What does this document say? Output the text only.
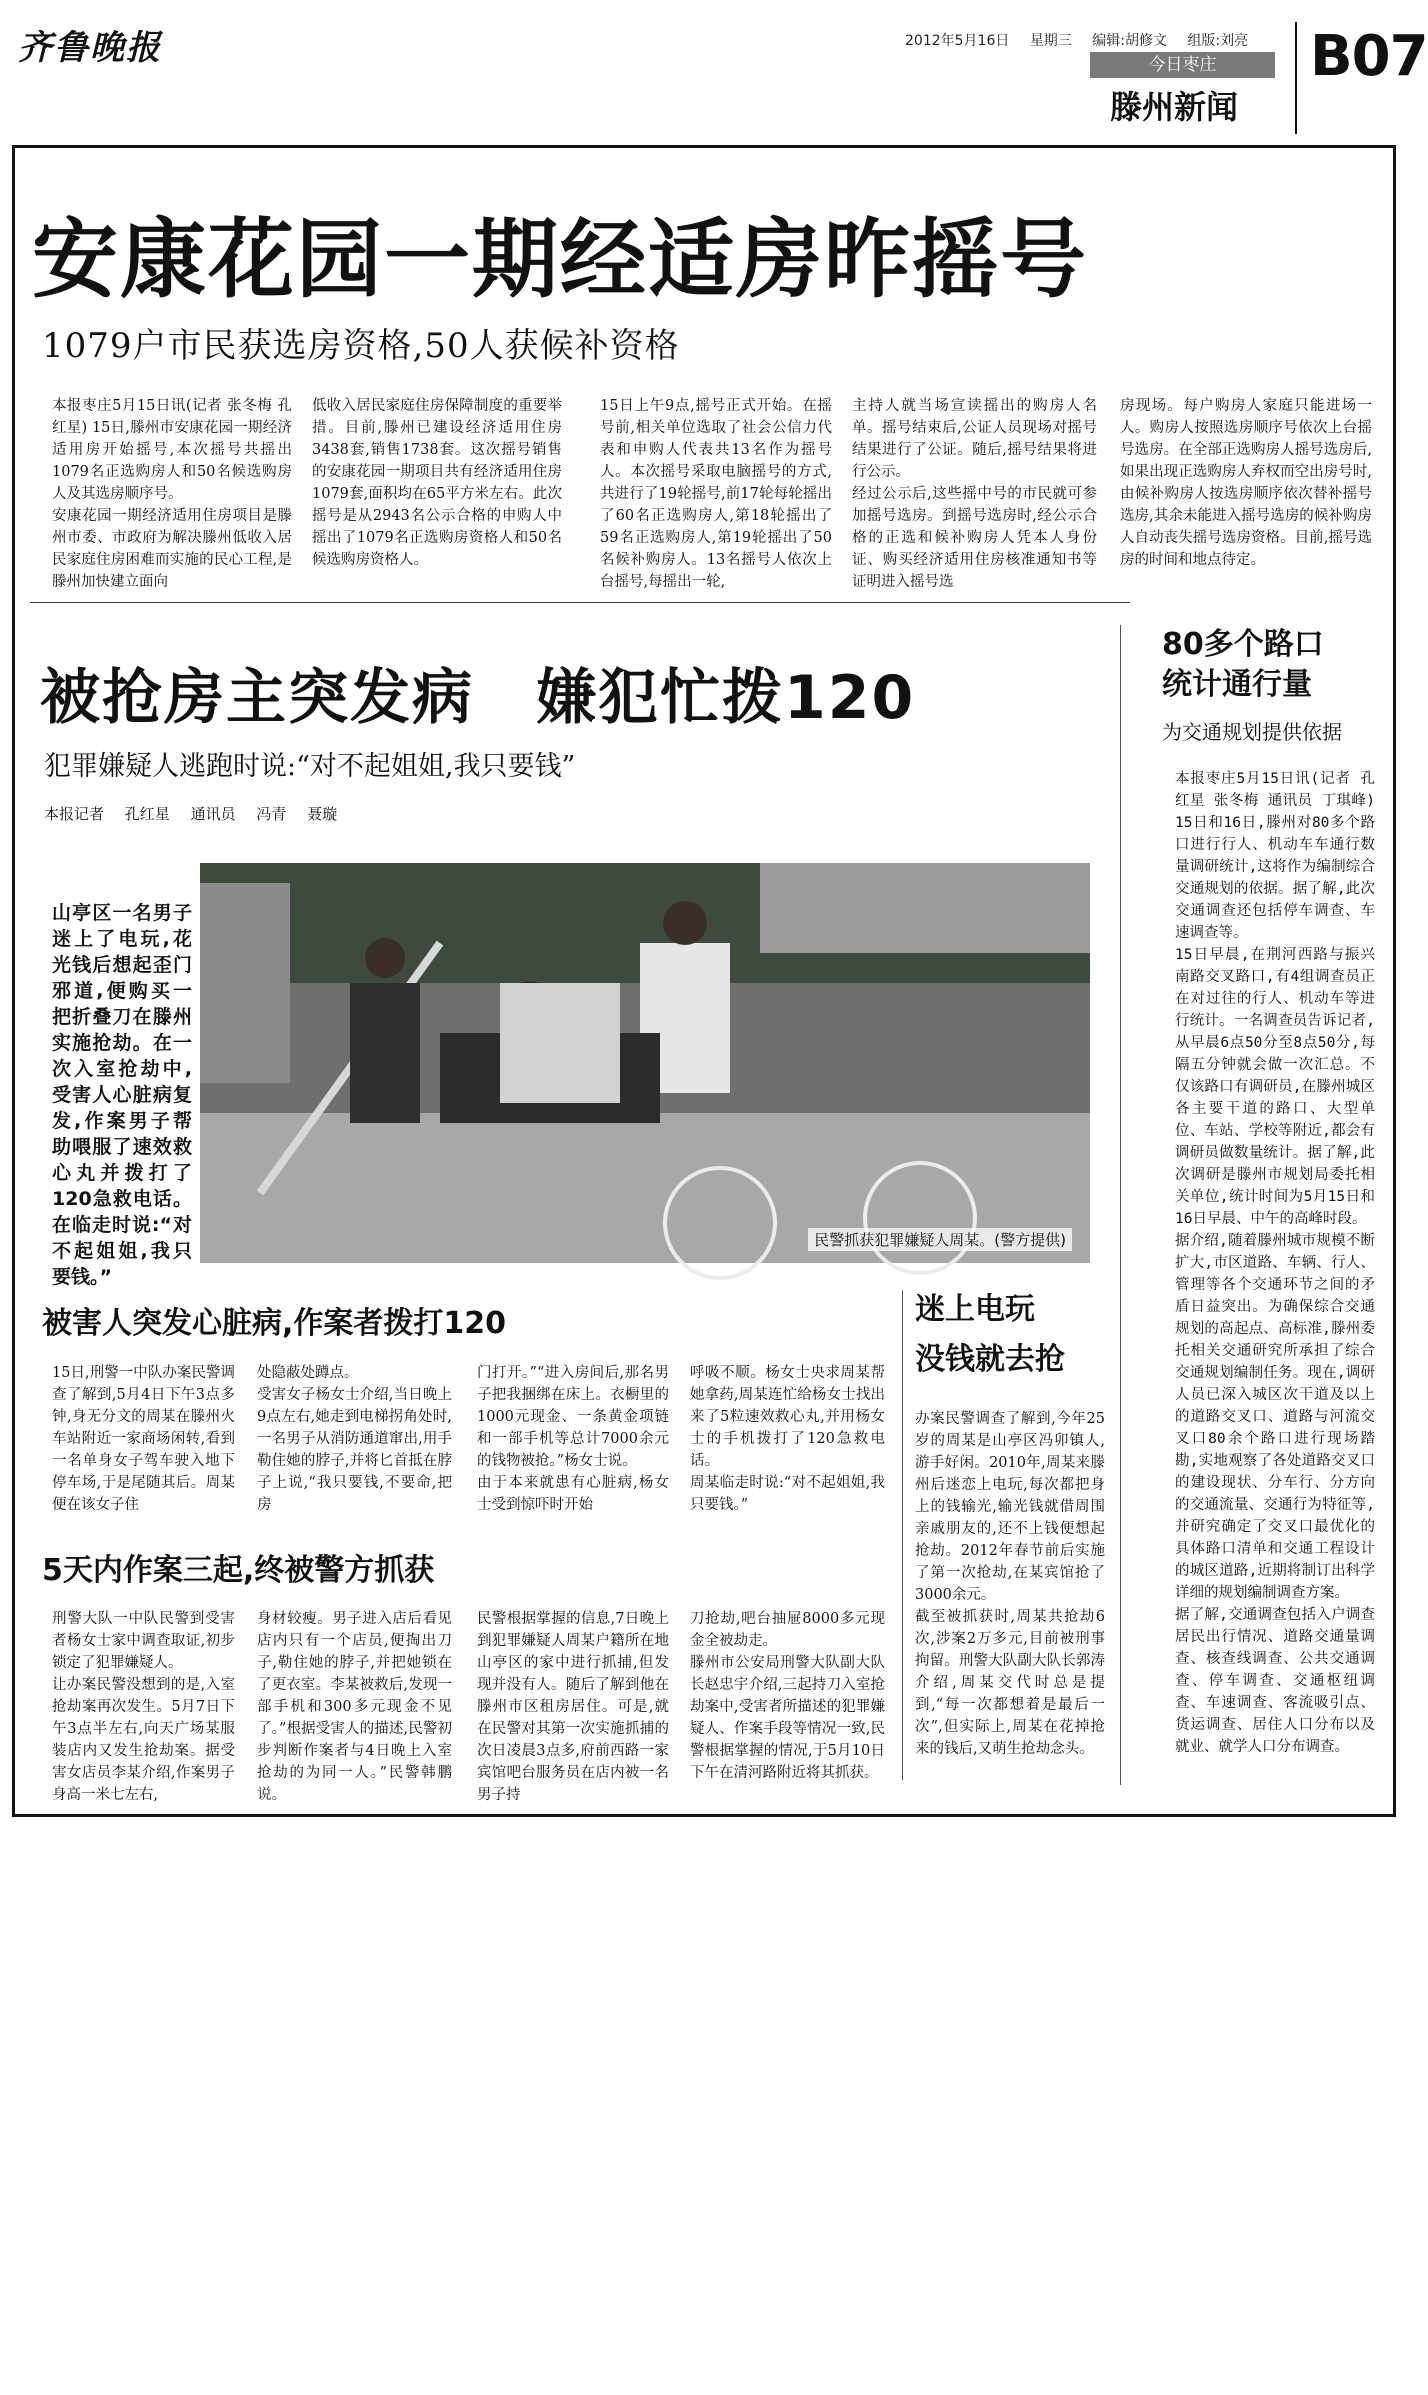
齐鲁晚报	2012年5月16日 星期三 编辑:胡修文 组版:刘亮
今日枣庄
滕州新闻
B07
安康花园一期经适房昨摇号
1079户市民获选房资格,50人获候补资格

本报枣庄5月15日讯(记者 张冬梅 孔红星) 15日,滕州市安康花园一期经济适用房开始摇号,本次摇号共摇出1079名正选购房人和50名候选购房人及其选房顺序号。
安康花园一期经济适用住房项目是滕州市委、市政府为解决滕州低收入居民家庭住房困难而实施的民心工程,是滕州加快建立面向

低收入居民家庭住房保障制度的重要举措。目前,滕州已建设经济适用住房3438套,销售1738套。这次摇号销售的安康花园一期项目共有经济适用住房1079套,面积均在65平方米左右。此次摇号是从2943名公示合格的申购人中摇出了1079名正选购房资格人和50名候选购房资格人。

15日上午9点,摇号正式开始。在摇号前,相关单位选取了社会公信力代表和申购人代表共13名作为摇号人。本次摇号采取电脑摇号的方式,共进行了19轮摇号,前17轮每轮摇出了60名正选购房人,第18轮摇出了59名正选购房人,第19轮摇出了50名候补购房人。13名摇号人依次上台摇号,每摇出一轮,

主持人就当场宣读摇出的购房人名单。摇号结束后,公证人员现场对摇号结果进行了公证。随后,摇号结果将进行公示。
经过公示后,这些摇中号的市民就可参加摇号选房。到摇号选房时,经公示合格的正选和候补购房人凭本人身份证、购买经济适用住房核准通知书等证明进入摇号选

房现场。每户购房人家庭只能进场一人。购房人按照选房顺序号依次上台摇号选房。在全部正选购房人摇号选房后,如果出现正选购房人弃权而空出房号时,由候补购房人按选房顺序依次替补摇号选房,其余未能进入摇号选房的候补购房人自动丧失摇号选房资格。目前,摇号选房的时间和地点待定。

被抢房主突发病　嫌犯忙拨120
犯罪嫌疑人逃跑时说:“对不起姐姐,我只要钱”
本报记者 孔红星 通讯员 冯青 聂璇
山亭区一名男子迷上了电玩,花光钱后想起歪门邪道,便购买一把折叠刀在滕州实施抢劫。在一次入室抢劫中,受害人心脏病复发,作案男子帮助喂服了速效救心丸并拨打了120急救电话。在临走时说:“对不起姐姐,我只要钱。”
民警抓获犯罪嫌疑人周某。(警方提供)
被害人突发心脏病,作案者拨打120

15日,刑警一中队办案民警调查了解到,5月4日下午3点多钟,身无分文的周某在滕州火车站附近一家商场闲转,看到一名单身女子驾车驶入地下停车场,于是尾随其后。周某便在该女子住

处隐蔽处蹲点。
受害女子杨女士介绍,当日晚上9点左右,她走到电梯拐角处时,一名男子从消防通道窜出,用手勒住她的脖子,并将匕首抵在脖子上说,“我只要钱,不要命,把房

门打开。”“进入房间后,那名男子把我捆绑在床上。衣橱里的1000元现金、一条黄金项链和一部手机等总计7000余元的钱物被抢。”杨女士说。
由于本来就患有心脏病,杨女士受到惊吓时开始

呼吸不顺。杨女士央求周某帮她拿药,周某连忙给杨女士找出来了5粒速效救心丸,并用杨女士的手机拨打了120急救电话。
周某临走时说:“对不起姐姐,我只要钱。”

5天内作案三起,终被警方抓获

刑警大队一中队民警到受害者杨女士家中调查取证,初步锁定了犯罪嫌疑人。
让办案民警没想到的是,入室抢劫案再次发生。5月7日下午3点半左右,向天广场某服装店内又发生抢劫案。据受害女店员李某介绍,作案男子身高一米七左右,

身材较瘦。男子进入店后看见店内只有一个店员,便掏出刀子,勒住她的脖子,并把她锁在了更衣室。李某被救后,发现一部手机和300多元现金不见了。”根据受害人的描述,民警初步判断作案者与4日晚上入室抢劫的为同一人。”民警韩鹏说。

民警根据掌握的信息,7日晚上到犯罪嫌疑人周某户籍所在地山亭区的家中进行抓捕,但发现并没有人。随后了解到他在滕州市区租房居住。可是,就在民警对其第一次实施抓捕的次日凌晨3点多,府前西路一家宾馆吧台服务员在店内被一名男子持

刀抢劫,吧台抽屉8000多元现金全被劫走。
滕州市公安局刑警大队副大队长赵忠宇介绍,三起持刀入室抢劫案中,受害者所描述的犯罪嫌疑人、作案手段等情况一致,民警根据掌握的情况,于5月10日下午在清河路附近将其抓获。

迷上电玩
没钱就去抢

办案民警调查了解到,今年25岁的周某是山亭区冯卯镇人,游手好闲。2010年,周某来滕州后迷恋上电玩,每次都把身上的钱输光,输光钱就借周围亲戚朋友的,还不上钱便想起抢劫。2012年春节前后实施了第一次抢劫,在某宾馆抢了3000余元。
截至被抓获时,周某共抢劫6次,涉案2万多元,目前被刑事拘留。刑警大队副大队长郭涛介绍,周某交代时总是提到,“每一次都想着是最后一次”,但实际上,周某在花掉抢来的钱后,又萌生抢劫念头。

80多个路口
统计通行量
为交通规划提供依据

本报枣庄5月15日讯(记者 孔红星 张冬梅 通讯员 丁琪峰) 15日和16日,滕州对80多个路口进行行人、机动车车通行数量调研统计,这将作为编制综合交通规划的依据。据了解,此次交通调查还包括停车调查、车速调查等。
15日早晨,在荆河西路与振兴南路交叉路口,有4组调查员正在对过往的行人、机动车等进行统计。一名调查员告诉记者,从早晨6点50分至8点50分,每隔五分钟就会做一次汇总。不仅该路口有调研员,在滕州城区各主要干道的路口、大型单位、车站、学校等附近,都会有调研员做数量统计。据了解,此次调研是滕州市规划局委托相关单位,统计时间为5月15日和16日早晨、中午的高峰时段。
据介绍,随着滕州城市规模不断扩大,市区道路、车辆、行人、管理等各个交通环节之间的矛盾日益突出。为确保综合交通规划的高起点、高标准,滕州委托相关交通研究所承担了综合交通规划编制任务。现在,调研人员已深入城区次干道及以上的道路交叉口、道路与河流交叉口80余个路口进行现场踏勘,实地观察了各处道路交叉口的建设现状、分车行、分方向的交通流量、交通行为特征等,并研究确定了交叉口最优化的具体路口清单和交通工程设计的城区道路,近期将制订出科学详细的规划编制调查方案。
据了解,交通调查包括入户调查居民出行情况、道路交通量调查、核查线调查、公共交通调查、停车调查、交通枢纽调查、车速调查、客流吸引点、货运调查、居住人口分布以及就业、就学人口分布调查。
